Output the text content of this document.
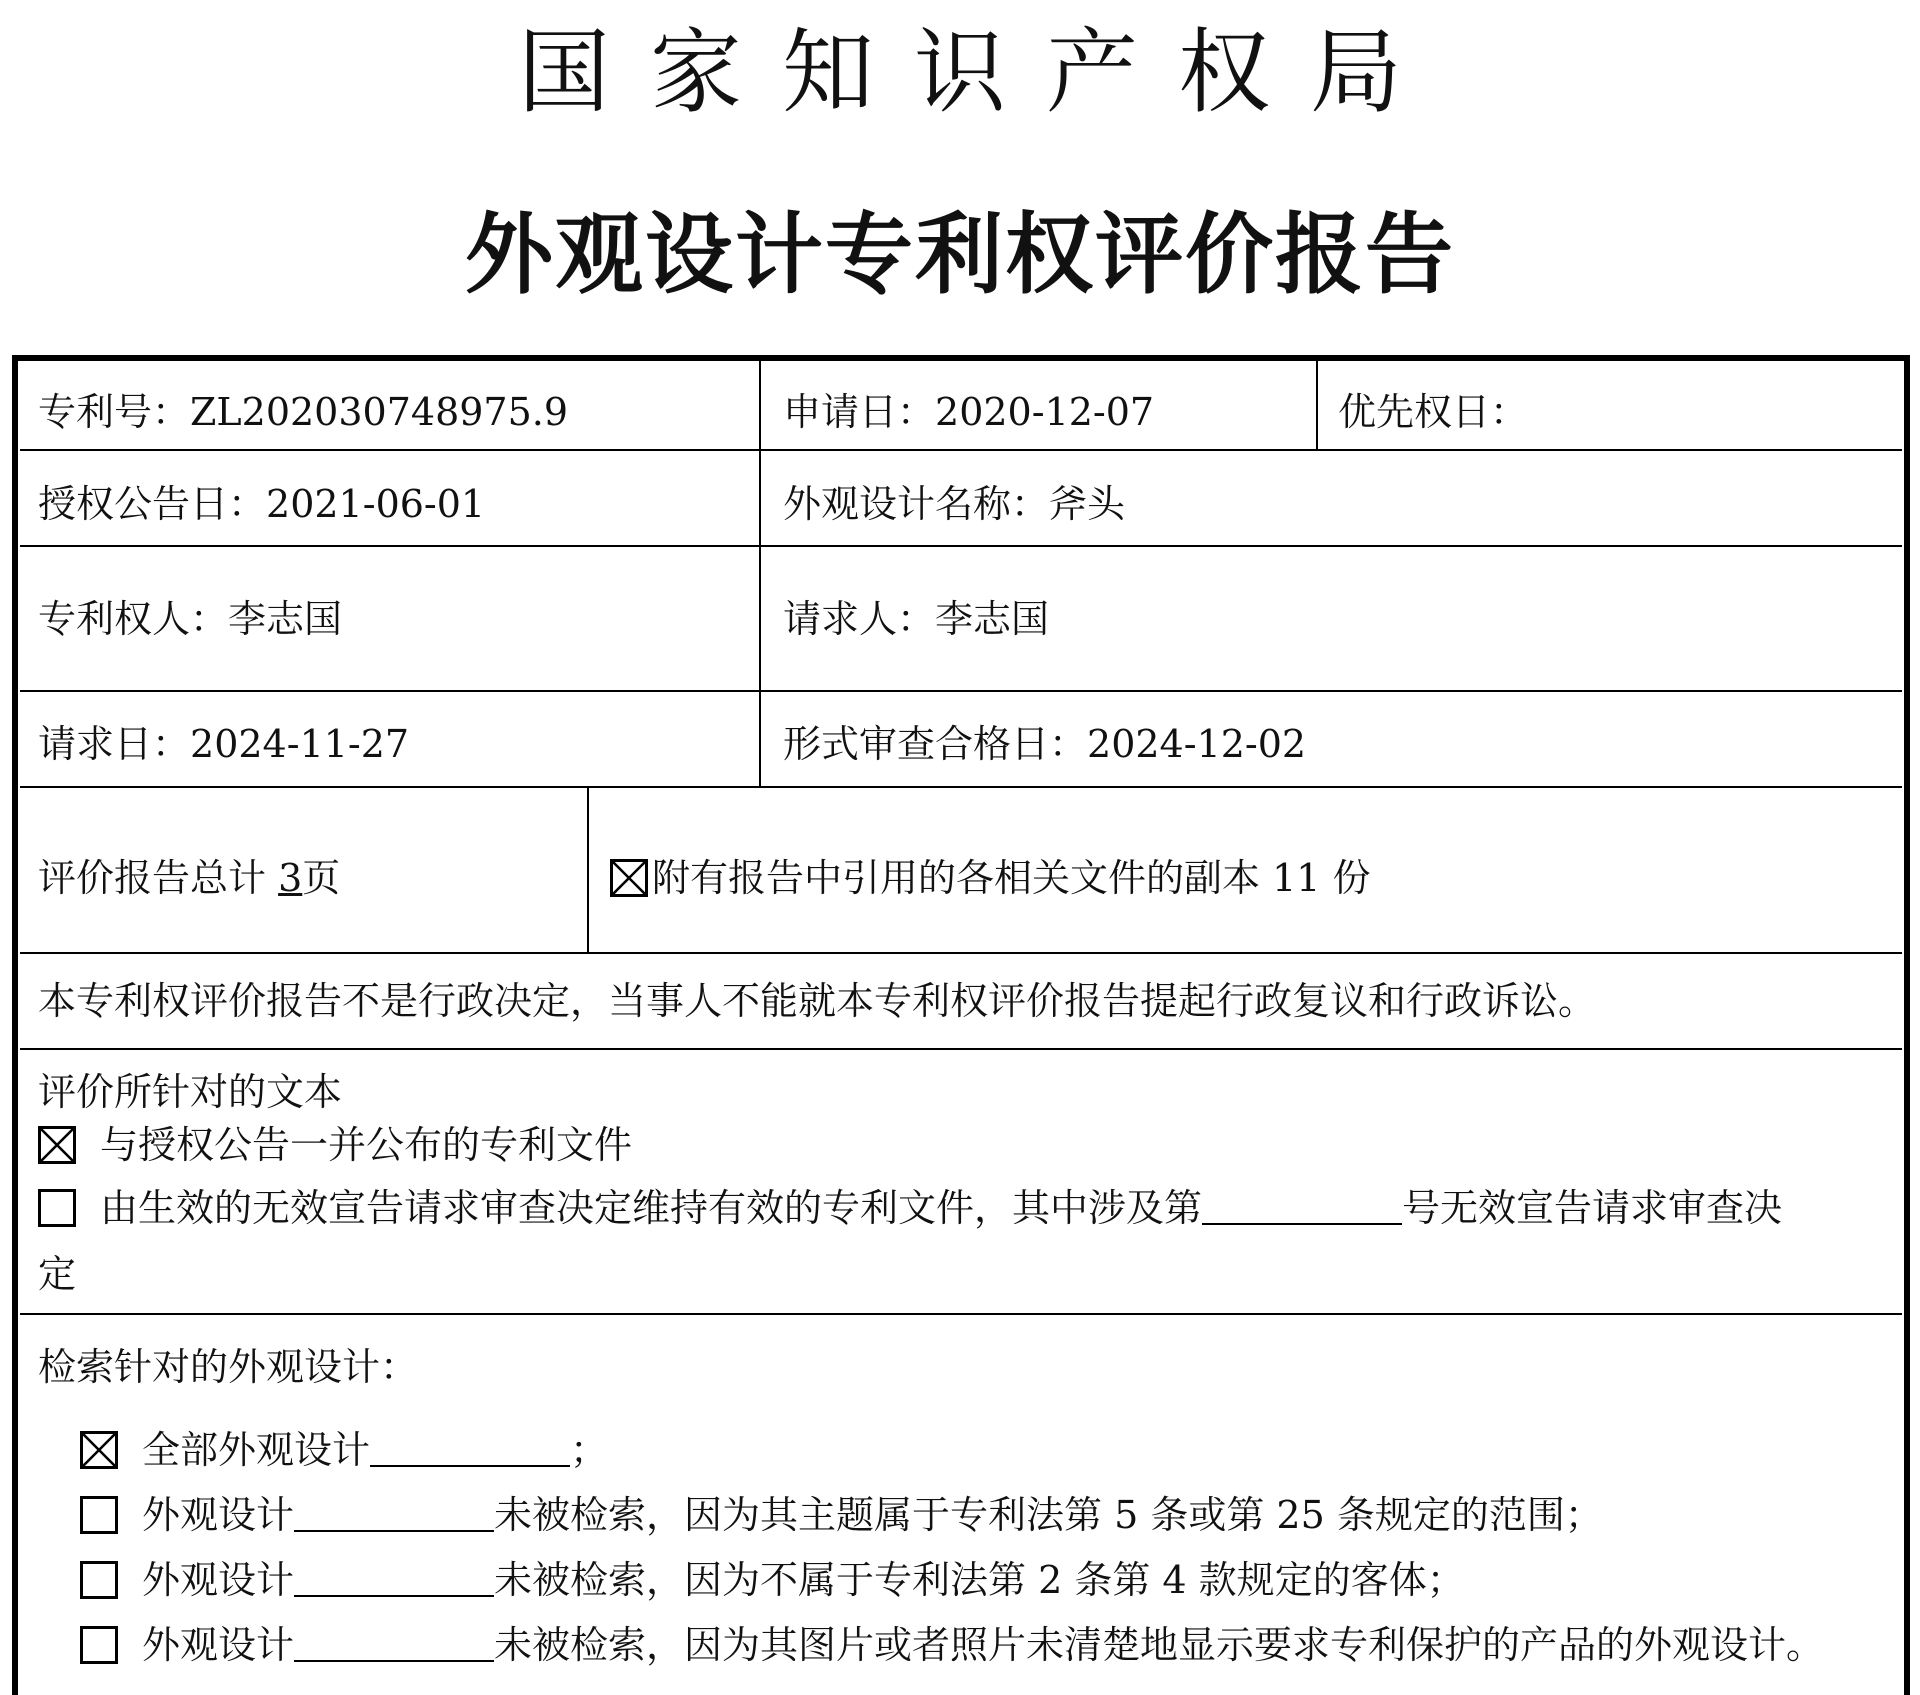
国家知识产权局
外观设计专利权评价报告
专利号：ZL202030748975.9	申请日：2020-12-07	优先权日：
授权公告日：2021-06-01	外观设计名称：斧头
专利权人：李志国	请求人：李志国
请求日：2024-11-27	形式审查合格日：2024-12-02
评价报告总计 3页	附有报告中引用的各相关文件的副本 11 份
本专利权评价报告不是行政决定，当事人不能就本专利权评价报告提起行政复议和行政诉讼。
评价所针对的文本
与授权公告一并公布的专利文件
由生效的无效宣告请求审查决定维持有效的专利文件，其中涉及第	号无效宣告请求审查决
定
检索针对的外观设计：
全部外观设计	；
外观设计	未被检索，因为其主题属于专利法第 5 条或第 25 条规定的范围；
外观设计	未被检索，因为不属于专利法第 2 条第 4 款规定的客体；
外观设计	未被检索，因为其图片或者照片未清楚地显示要求专利保护的产品的外观设计。
